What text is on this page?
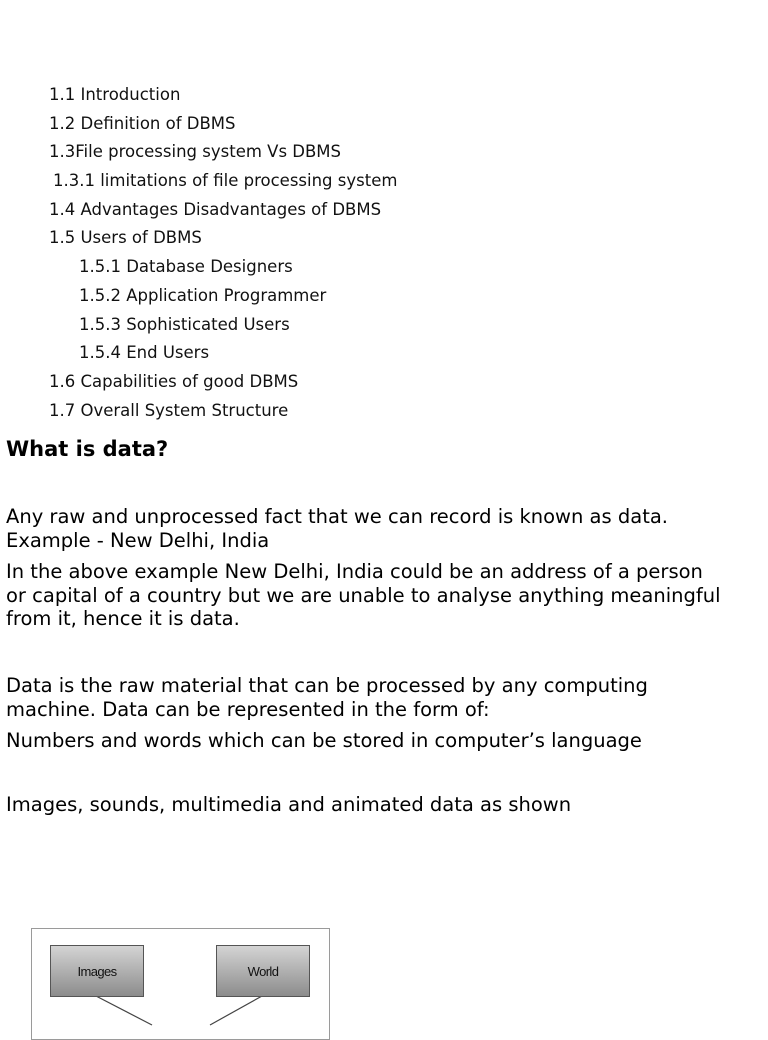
1.1 Introduction
1.2 Definition of DBMS
1.3File processing system Vs DBMS
1.3.1 limitations of file processing system
1.4 Advantages Disadvantages of DBMS
1.5 Users of DBMS
1.5.1 Database Designers
1.5.2 Application Programmer
1.5.3 Sophisticated Users
1.5.4 End Users
1.6 Capabilities of good DBMS
1.7 Overall System Structure
What is data?
Any raw and unprocessed fact that we can record is known as data. Example - New Delhi, India
In the above example New Delhi, India could be an address of a person or capital of a country but we are unable to analyse anything meaningful from it, hence it is data.
Data is the raw material that can be processed by any computing machine. Data can be represented in the form of:
Numbers and words which can be stored in computer’s language
Images, sounds, multimedia and animated data as shown
Images	World
